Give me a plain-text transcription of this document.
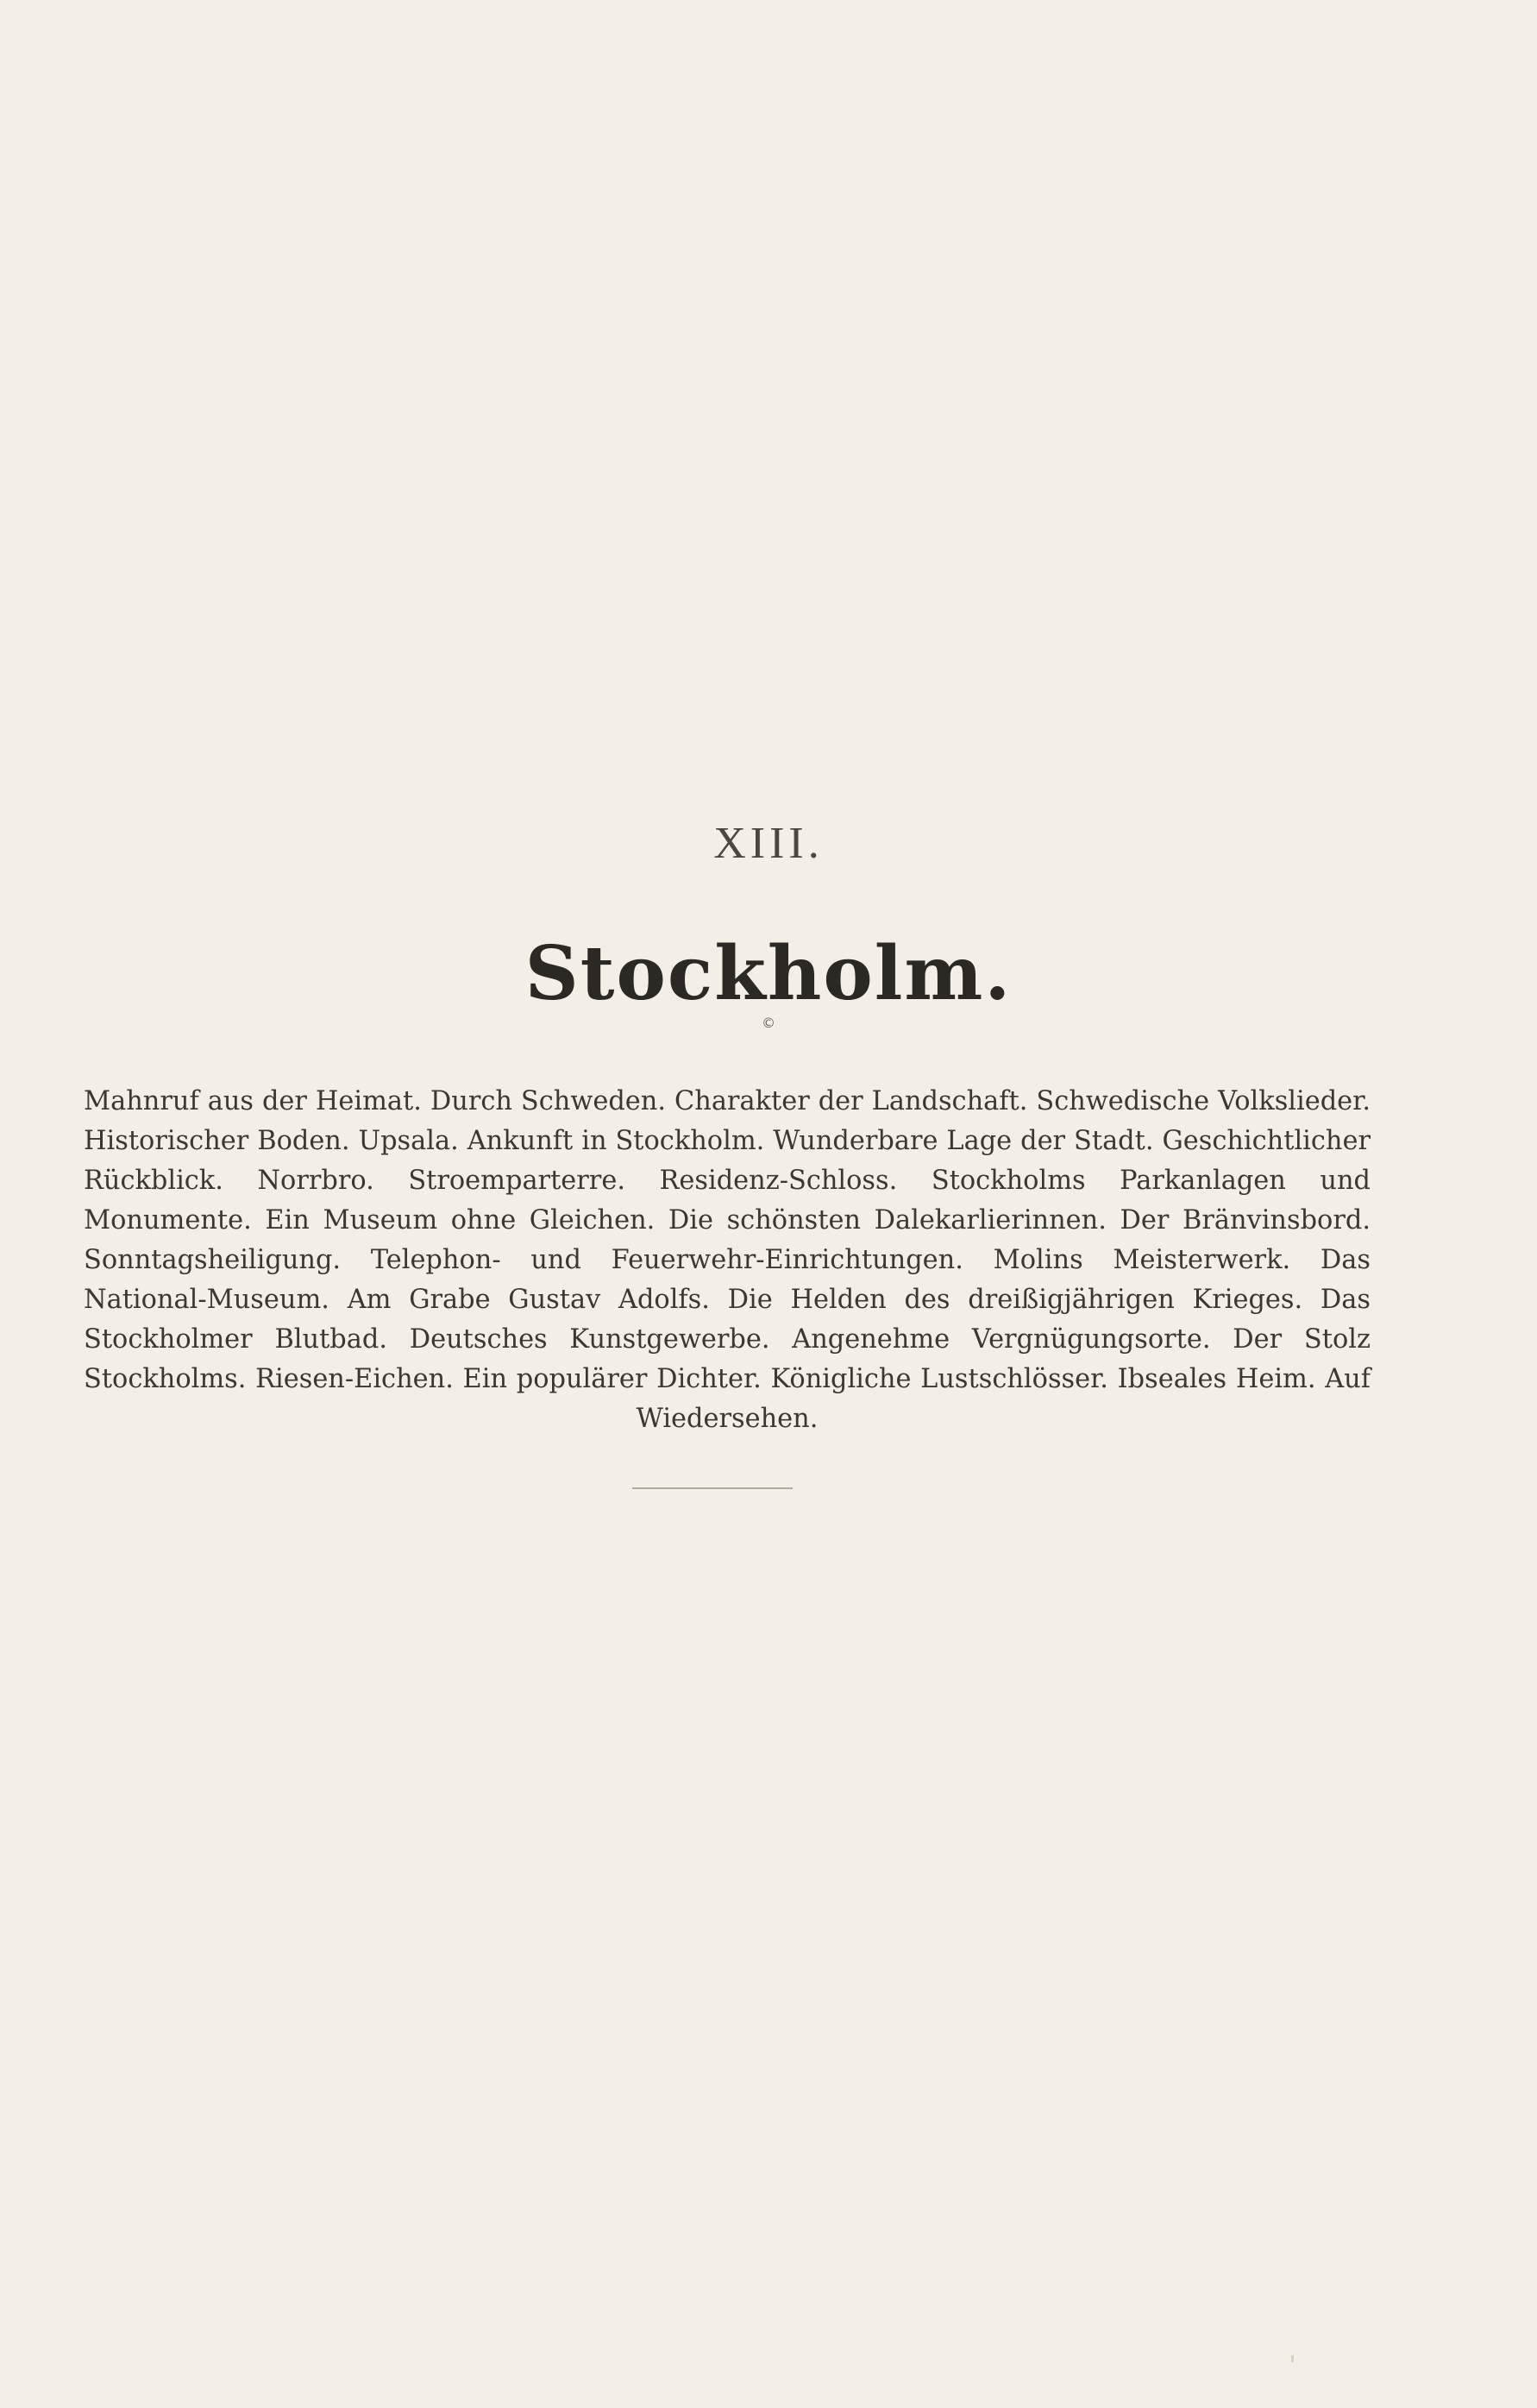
XIII.
Stockholm.
©
Mahnruf aus der Heimat. Durch Schweden. Charakter der Landschaft. Schwedische Volkslieder. Historischer Boden. Upsala. Ankunft in Stockholm. Wunderbare Lage der Stadt. Geschichtlicher Rückblick. Norrbro. Stroemparterre. Residenz-Schloss. Stockholms Parkanlagen und Monumente. Ein Museum ohne Gleichen. Die schönsten Dalekarlierinnen. Der Bränvinsbord. Sonntagsheiligung. Telephon- und Feuerwehr-Einrichtungen. Molins Meisterwerk. Das National-Museum. Am Grabe Gustav Adolfs. Die Helden des dreißigjährigen Krieges. Das Stockholmer Blutbad. Deutsches Kunstgewerbe. Angenehme Vergnügungsorte. Der Stolz Stockholms. Riesen-Eichen. Ein populärer Dichter. Königliche Lustschlösser. Ibseales Heim. Auf Wiedersehen.
